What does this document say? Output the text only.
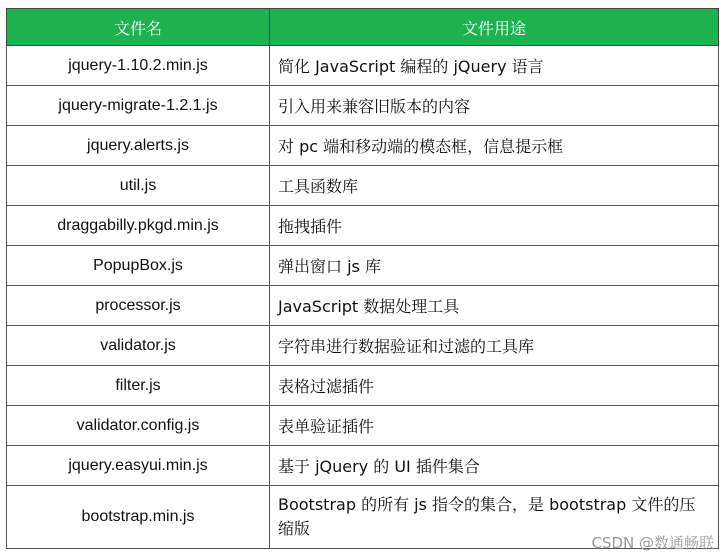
文件名	文件用途
jquery-1.10.2.min.js	简化 JavaScript 编程的 jQuery 语言
jquery-migrate-1.2.1.js	引入用来兼容旧版本的内容
jquery.alerts.js	对 pc 端和移动端的模态框，信息提示框
util.js	工具函数库
draggabilly.pkgd.min.js	拖拽插件
PopupBox.js	弹出窗口 js 库
processor.js	JavaScript 数据处理工具
validator.js	字符串进行数据验证和过滤的工具库
filter.js	表格过滤插件
validator.config.js	表单验证插件
jquery.easyui.min.js	基于 jQuery 的 UI 插件集合
bootstrap.min.js	Bootstrap 的所有 js 指令的集合，是 bootstrap 文件的压缩版
CSDN @数通畅联
